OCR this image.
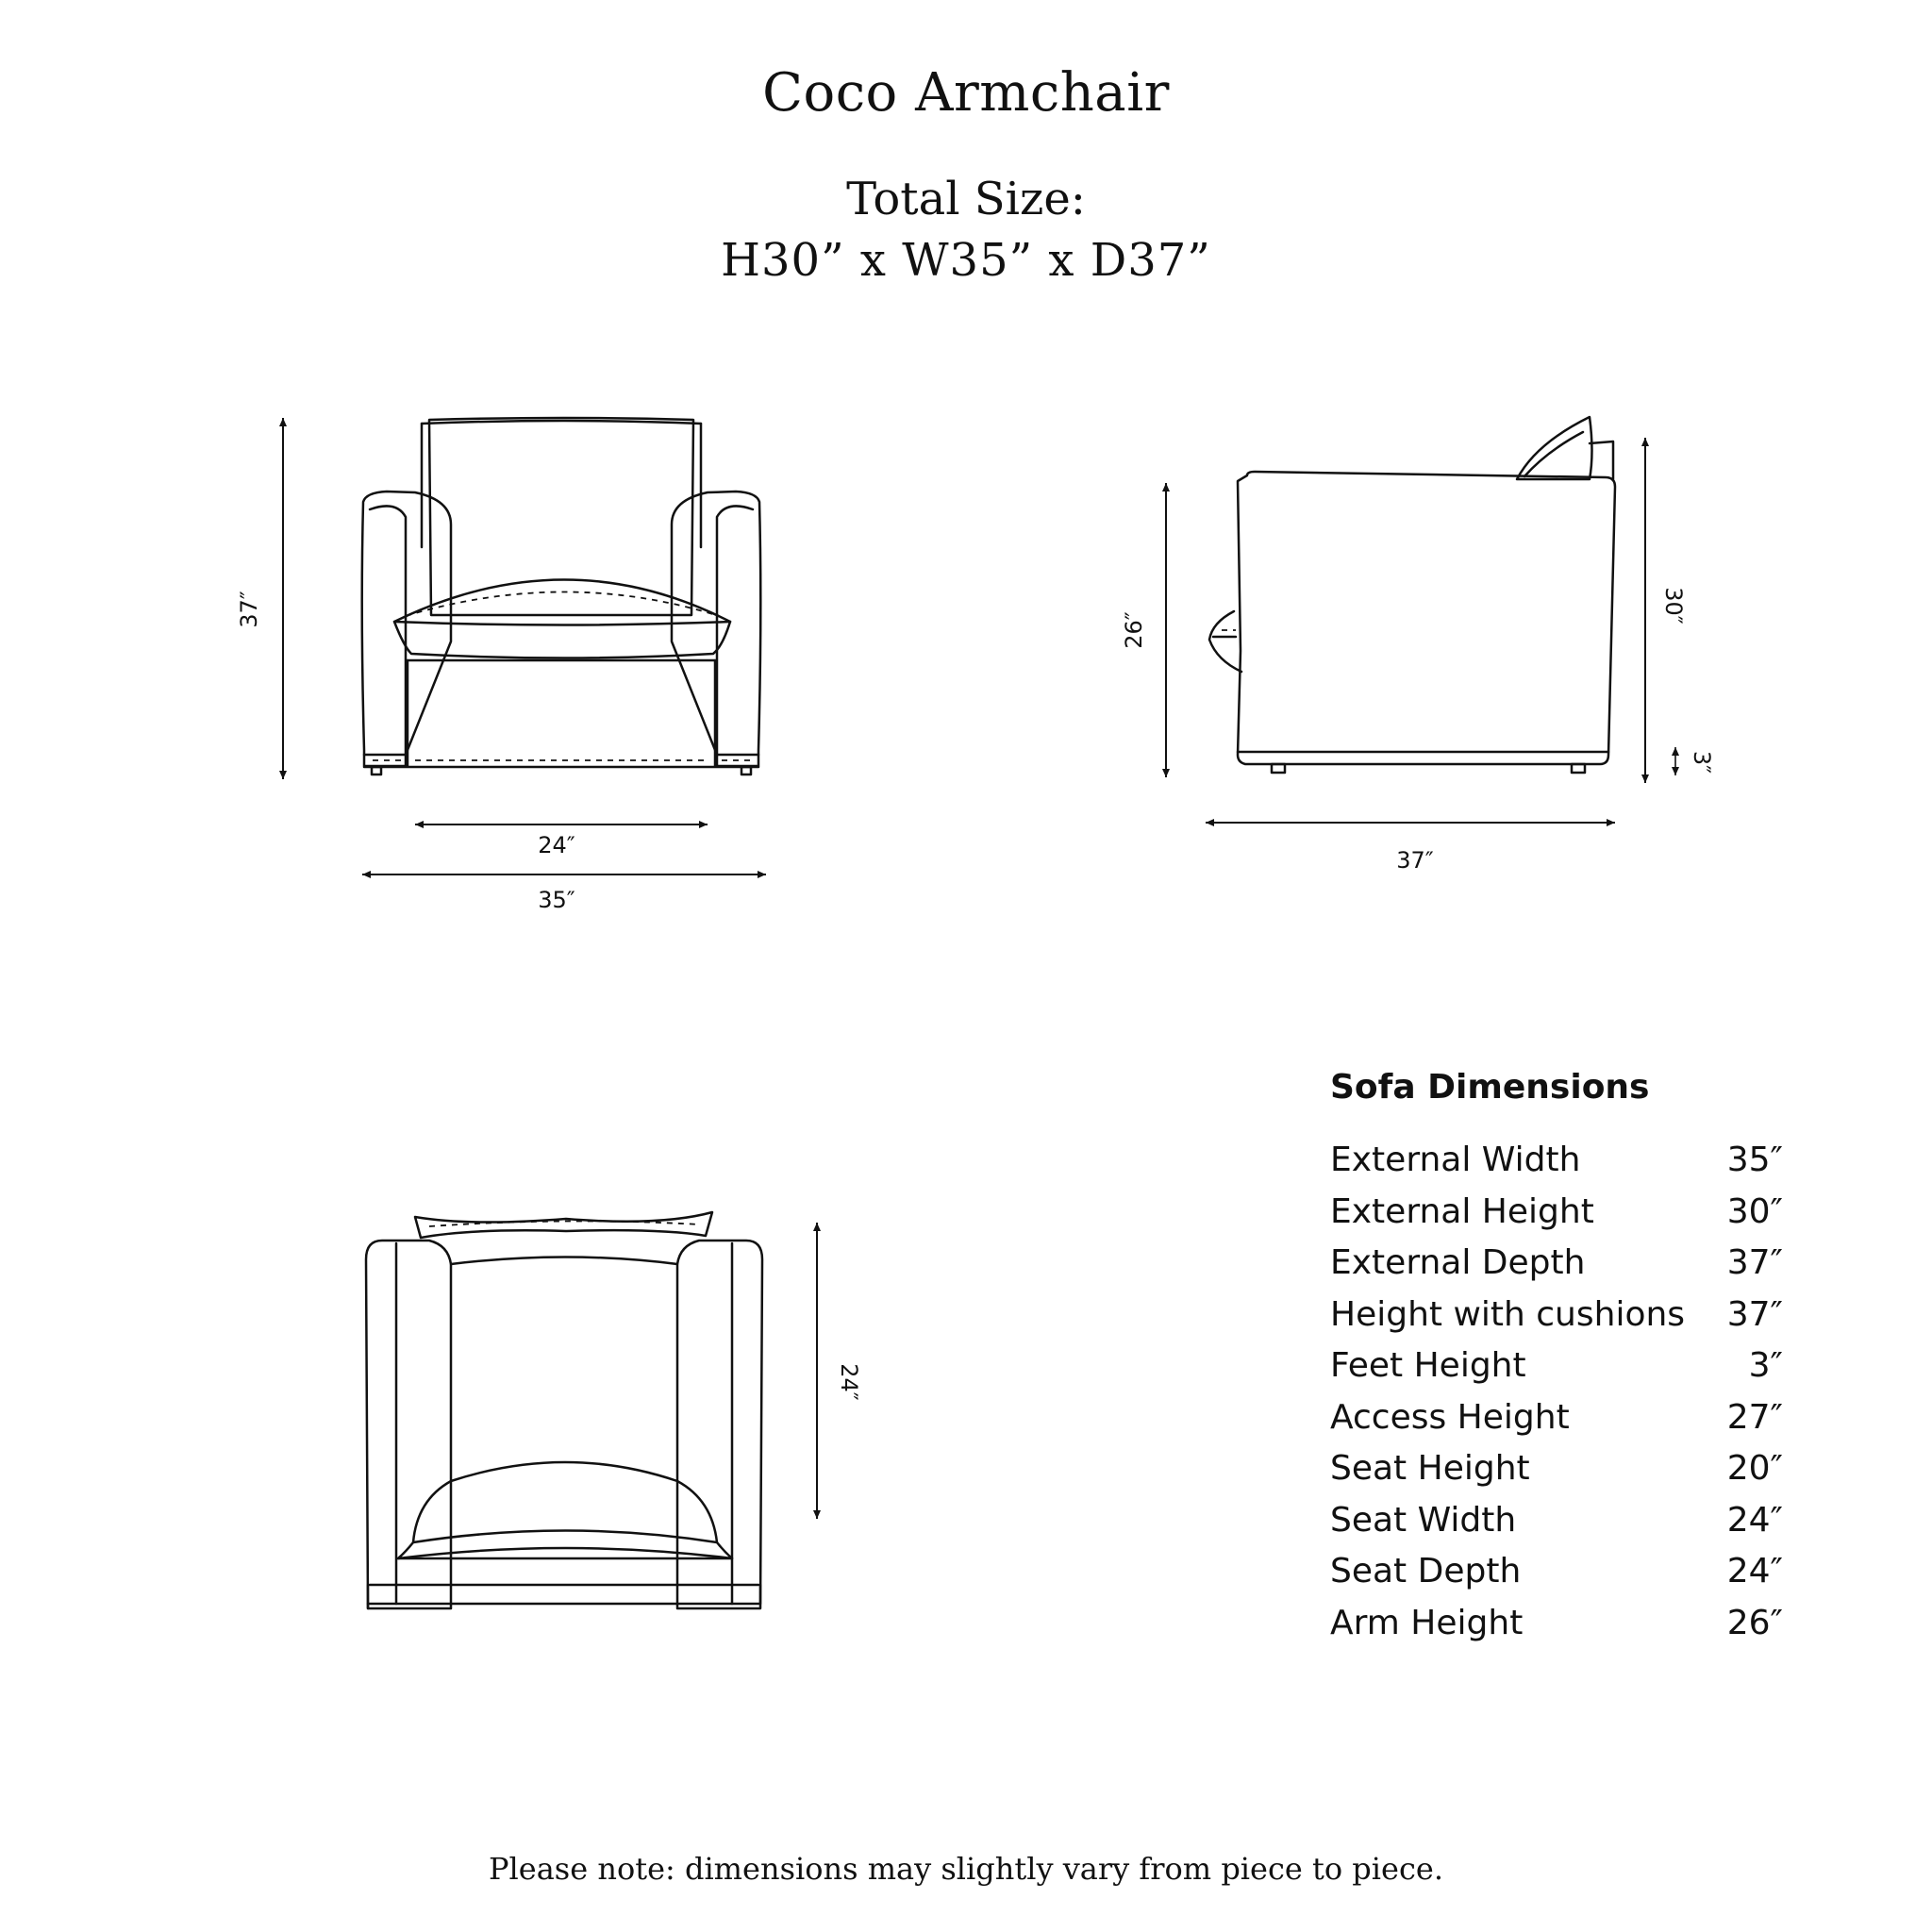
Coco Armchair
Total Size:
H30” x W35” x D37”
37″
24″
35″
26″
30″
3″
37″
24″
Sofa Dimensions
External Width	35″
External Height	30″
External Depth	37″
Height with cushions 37″
Feet Height	3″
Access Height	27″
Seat Height	20″
Seat Width	24″
Seat Depth	24″
Arm Height	26″
Please note: dimensions may slightly vary from piece to piece.
